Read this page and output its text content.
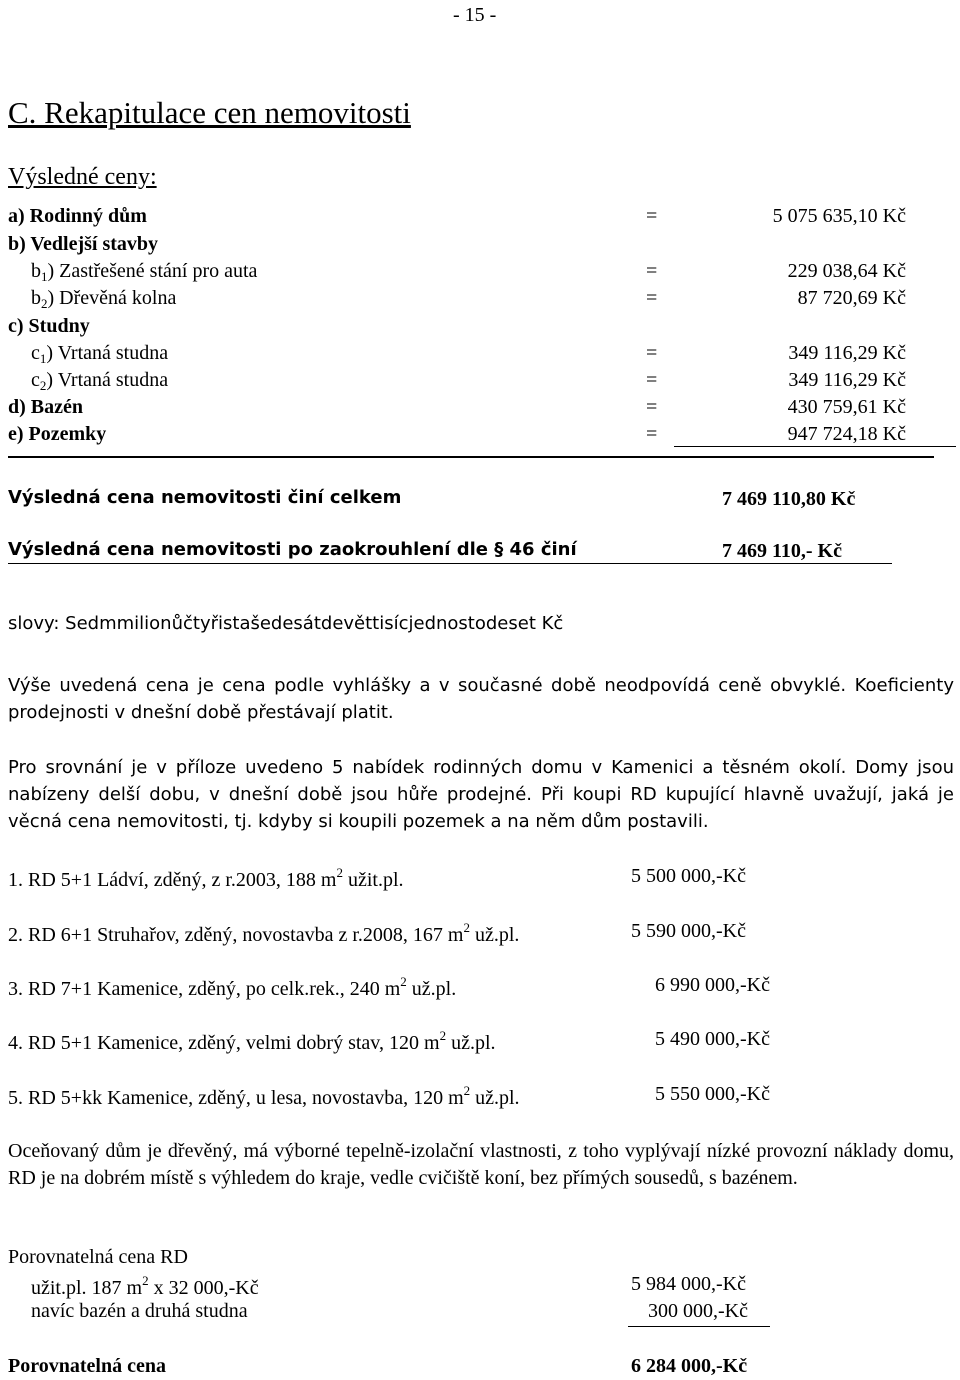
- 15 -
C. Rekapitulace cen nemovitosti
Výsledné ceny:
a) Rodinný dům	=	5 075 635,10 Kč
b) Vedlejší stavby
$b_1$) Zastřešené stání pro auta	=	229 038,64 Kč
$b_2$) Dřevěná kolna	=	87 720,69 Kč
c) Studny
$c_1$) Vrtaná studna	=	349 116,29 Kč
$c_2$) Vrtaná studna	=	349 116,29 Kč
d) Bazén	=	430 759,61 Kč
e) Pozemky	=	947 724,18 Kč
Výsledná cena nemovitosti činí celkem	7 469 110,80 Kč
Výsledná cena nemovitosti po zaokrouhlení dle § 46 činí	7 469 110,- Kč
slovy: Sedmmilionůčtyřistašedesátdevěttisícjednostodeset Kč
Výše uvedená cena je cena podle vyhlášky a v současné době neodpovídá ceně obvyklé. Koeficienty prodejnosti v dnešní době přestávají platit.
Pro srovnání je v příloze uvedeno 5 nabídek rodinných domu v Kamenici a těsném okolí. Domy jsou nabízeny delší dobu, v dnešní době jsou hůře prodejné. Při koupi RD kupující hlavně uvažují, jaká je věcná cena nemovitosti, tj. kdyby si koupili pozemek a na něm dům postavili.
1. RD 5+1 Ládví, zděný, z r.2003, 188 $m^2$ užit.pl.	5 500 000,-Kč
2. RD 6+1 Struhařov, zděný, novostavba z r.2008, 167 $m^2$ už.pl.	5 590 000,-Kč
3. RD 7+1 Kamenice, zděný, po celk.rek., 240 $m^2$ už.pl.	6 990 000,-Kč
4. RD 5+1 Kamenice, zděný, velmi dobrý stav, 120 $m^2$ už.pl.	5 490 000,-Kč
5. RD 5+kk Kamenice, zděný, u lesa, novostavba, 120 $m^2$ už.pl.	5 550 000,-Kč
Oceňovaný dům je dřevěný, má výborné tepelně-izolační vlastnosti, z toho vyplývají nízké provozní náklady domu, RD je na dobrém místě s výhledem do kraje, vedle cvičiště koní, bez přímých sousedů, s bazénem.
Porovnatelná cena RD
užit.pl. 187 $m^2$ x 32 000,-Kč	5 984 000,-Kč
navíc bazén a druhá studna	300 000,-Kč
Porovnatelná cena	6 284 000,-Kč
